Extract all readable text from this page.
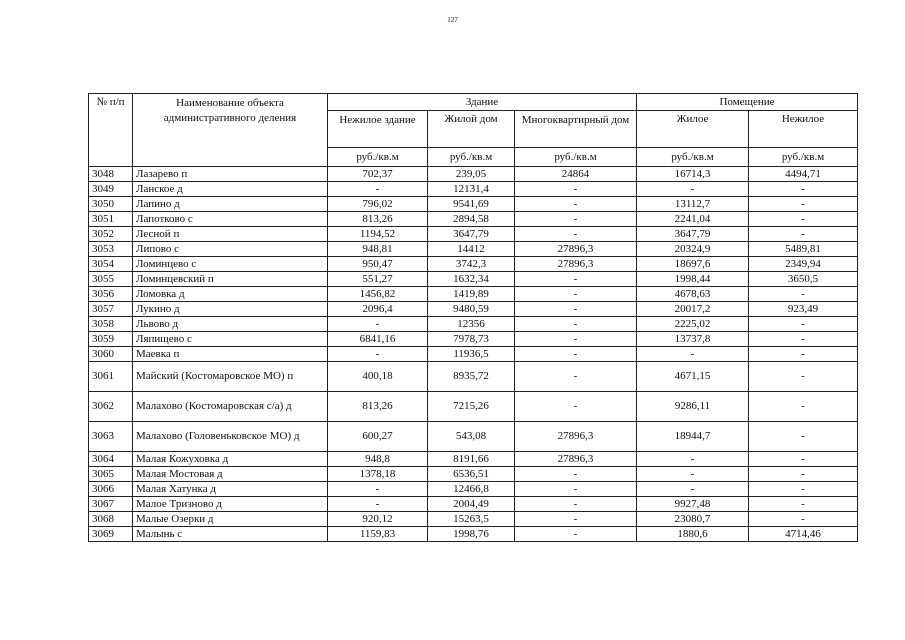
127
№ п/п	Наименование объекта административного деления	Здание			Помещение	
		Нежилое здание	Жилой дом	Многоквартирный дом	Жилое	Нежилое
		руб./кв.м	руб./кв.м	руб./кв.м	руб./кв.м	руб./кв.м
3048	Лазарево п	702,37	239,05	24864	16714,3	4494,71
3049	Ланское д	-	12131,4	-	-	-
3050	Лапино д	796,02	9541,69	-	13112,7	-
3051	Лапотково с	813,26	2894,58	-	2241,04	-
3052	Лесной п	1194,52	3647,79	-	3647,79	-
3053	Липово с	948,81	14412	27896,3	20324,9	5489,81
3054	Ломинцево с	950,47	3742,3	27896,3	18697,6	2349,94
3055	Ломинцевский п	551,27	1632,34	-	1998,44	3650,5
3056	Ломовка д	1456,82	1419,89	-	4678,63	-
3057	Лукино д	2096,4	9480,59	-	20017,2	923,49
3058	Львово д	-	12356	-	2225,02	-
3059	Ляпищево с	6841,16	7978,73	-	13737,8	-
3060	Маевка п	-	11936,5	-	-	-
3061	Майский (Костомаровское МО) п	400,18	8935,72	-	4671,15	-
3062	Малахово (Костомаровская с/а) д	813,26	7215,26	-	9286,11	-
3063	Малахово (Головеньковское МО) д	600,27	543,08	27896,3	18944,7	-
3064	Малая Кожуховка д	948,8	8191,66	27896,3	-	-
3065	Малая Мостовая д	1378,18	6536,51	-	-	-
3066	Малая Хатунка д	-	12466,8	-	-	-
3067	Малое Тризново д	-	2004,49	-	9927,48	-
3068	Малые Озерки д	920,12	15263,5	-	23080,7	-
3069	Малынь с	1159,83	1998,76	-	1880,6	4714,46
